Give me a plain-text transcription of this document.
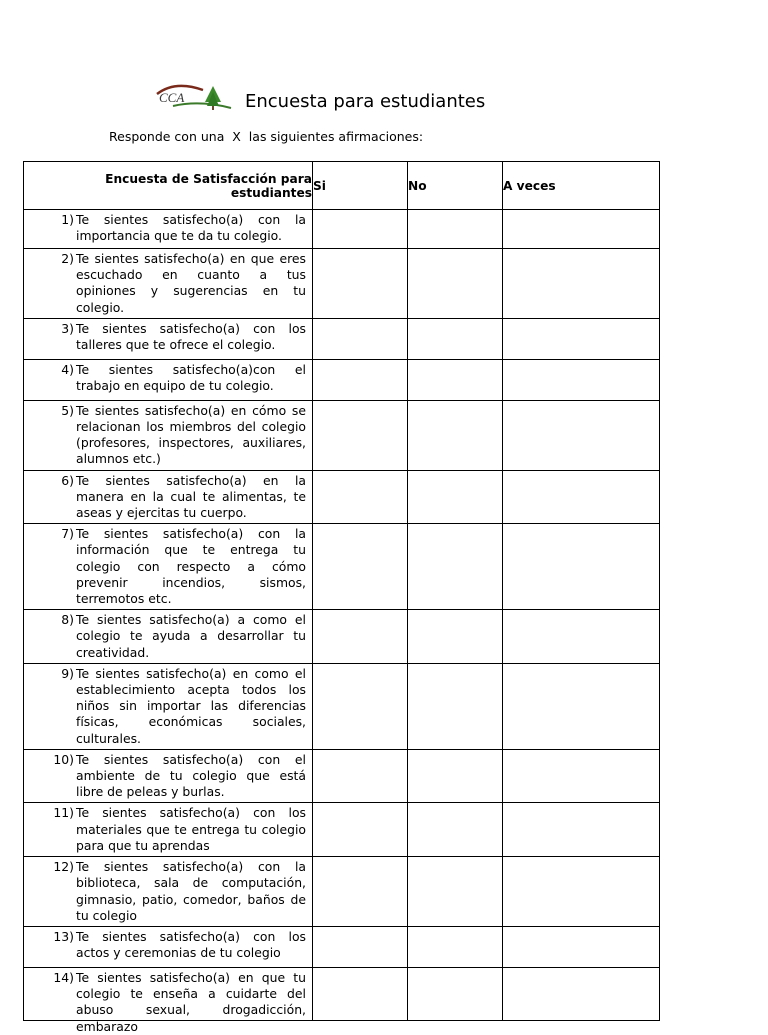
CCA	Encuesta para estudiantes
Responde con una  X  las siguientes afirmaciones:
Encuesta de Satisfacción para estudiantes	Si	No	A veces

1) Te sientes satisfecho(a) con la importancia que te da tu colegio.			

2) Te sientes satisfecho(a) en que eres escuchado en cuanto a tus opiniones y sugerencias en tu colegio.			

3) Te sientes satisfecho(a) con los talleres que te ofrece el colegio.			

4) Te sientes satisfecho(a)con el trabajo en equipo de tu colegio.			

5) Te sientes satisfecho(a) en cómo se relacionan los miembros del colegio (profesores, inspectores, auxiliares, alumnos etc.)			

6) Te sientes satisfecho(a) en la manera en la cual te alimentas, te aseas y ejercitas tu cuerpo.			

7) Te sientes satisfecho(a) con la información que te entrega tu colegio con respecto a cómo prevenir incendios, sismos, terremotos etc.			

8) Te sientes satisfecho(a) a como el colegio te ayuda a desarrollar tu creatividad.			

9) Te sientes satisfecho(a) en como el establecimiento acepta todos los niños sin importar las diferencias físicas, económicas sociales, culturales.			

10) Te sientes satisfecho(a) con el ambiente de tu colegio que está libre de peleas y burlas.			

11) Te sientes satisfecho(a) con los materiales que te entrega tu colegio para que tu aprendas			

12) Te sientes satisfecho(a) con la biblioteca, sala de computación, gimnasio, patio, comedor, baños de tu colegio			

13) Te sientes satisfecho(a) con los actos y ceremonias de tu colegio			

14) Te sientes satisfecho(a) en que tu colegio te enseña a cuidarte del abuso sexual, drogadicción, embarazo			
